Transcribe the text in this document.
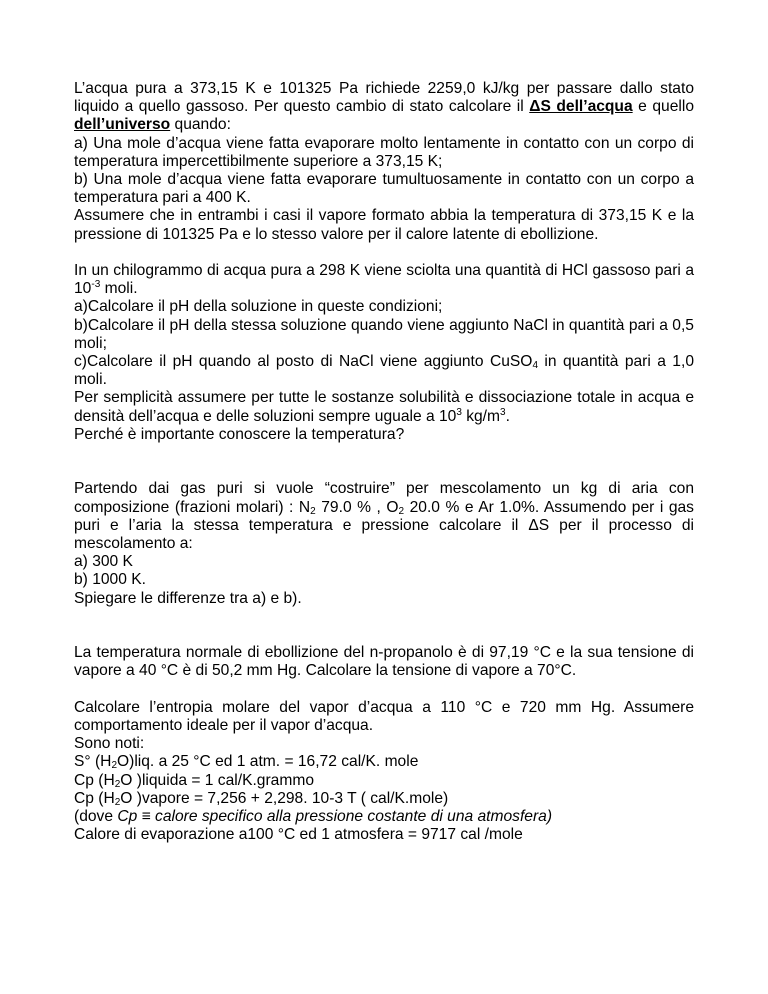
L’acqua pura a 373,15 K e 101325 Pa richiede 2259,0 kJ/kg per passare dallo stato liquido a quello gassoso. Per questo cambio di stato calcolare il ΔS dell’acqua e quello dell’universo quando:

a) Una mole d’acqua viene fatta evaporare molto lentamente in contatto con un corpo di temperatura impercettibilmente superiore a 373,15 K;

b) Una mole d’acqua viene fatta evaporare tumultuosamente in contatto con un corpo a temperatura pari a 400 K.

Assumere che in entrambi i casi il vapore formato abbia la temperatura di 373,15 K e la pressione di 101325 Pa e lo stesso valore per il calore latente di ebollizione.

In un chilogrammo di acqua pura a 298 K viene sciolta una quantità di HCl gassoso pari a $10^{-3}$ moli.

a)Calcolare il pH della soluzione in queste condizioni;

b)Calcolare il pH della stessa soluzione quando viene aggiunto NaCl in quantità pari a 0,5 moli;

c)Calcolare il pH quando al posto di NaCl viene aggiunto CuSO$_4$ in quantità pari a 1,0 moli.

Per semplicità assumere per tutte le sostanze solubilità e dissociazione totale in acqua e densità dell’acqua e delle soluzioni sempre uguale a $10^3$ $kg/m^3$.

Perché è importante conoscere la temperatura?

Partendo dai gas puri si vuole “costruire” per mescolamento un kg di aria con composizione (frazioni molari) : $N_2$ 79.0 % , $O_2$ 20.0 % e Ar 1.0%. Assumendo per i gas puri e l’aria la stessa temperatura e pressione calcolare il ΔS per il processo di mescolamento a:

a) 300 K

b) 1000 K.

Spiegare le differenze tra a) e b).

La temperatura normale di ebollizione del n-propanolo è di 97,19 °C e la sua tensione di vapore a 40 °C è di 50,2 mm Hg. Calcolare la tensione di vapore a 70°C.

Calcolare l’entropia molare del vapor d’acqua a 110 °C e 720 mm Hg. Assumere comportamento ideale per il vapor d’acqua.

Sono noti:

S° $(H_2O)liq$. a 25 °C ed 1 atm. = 16,72 cal/K. mole

Cp ($H_2O$ )liquida = 1 cal/K.grammo

Cp ($H_2O$ )vapore = 7,256 + 2,298. 10-3 T ( cal/K.mole)

(dove Cp ≡ calore specifico alla pressione costante di una atmosfera)

Calore di evaporazione a100 °C ed 1 atmosfera = 9717 cal /mole
